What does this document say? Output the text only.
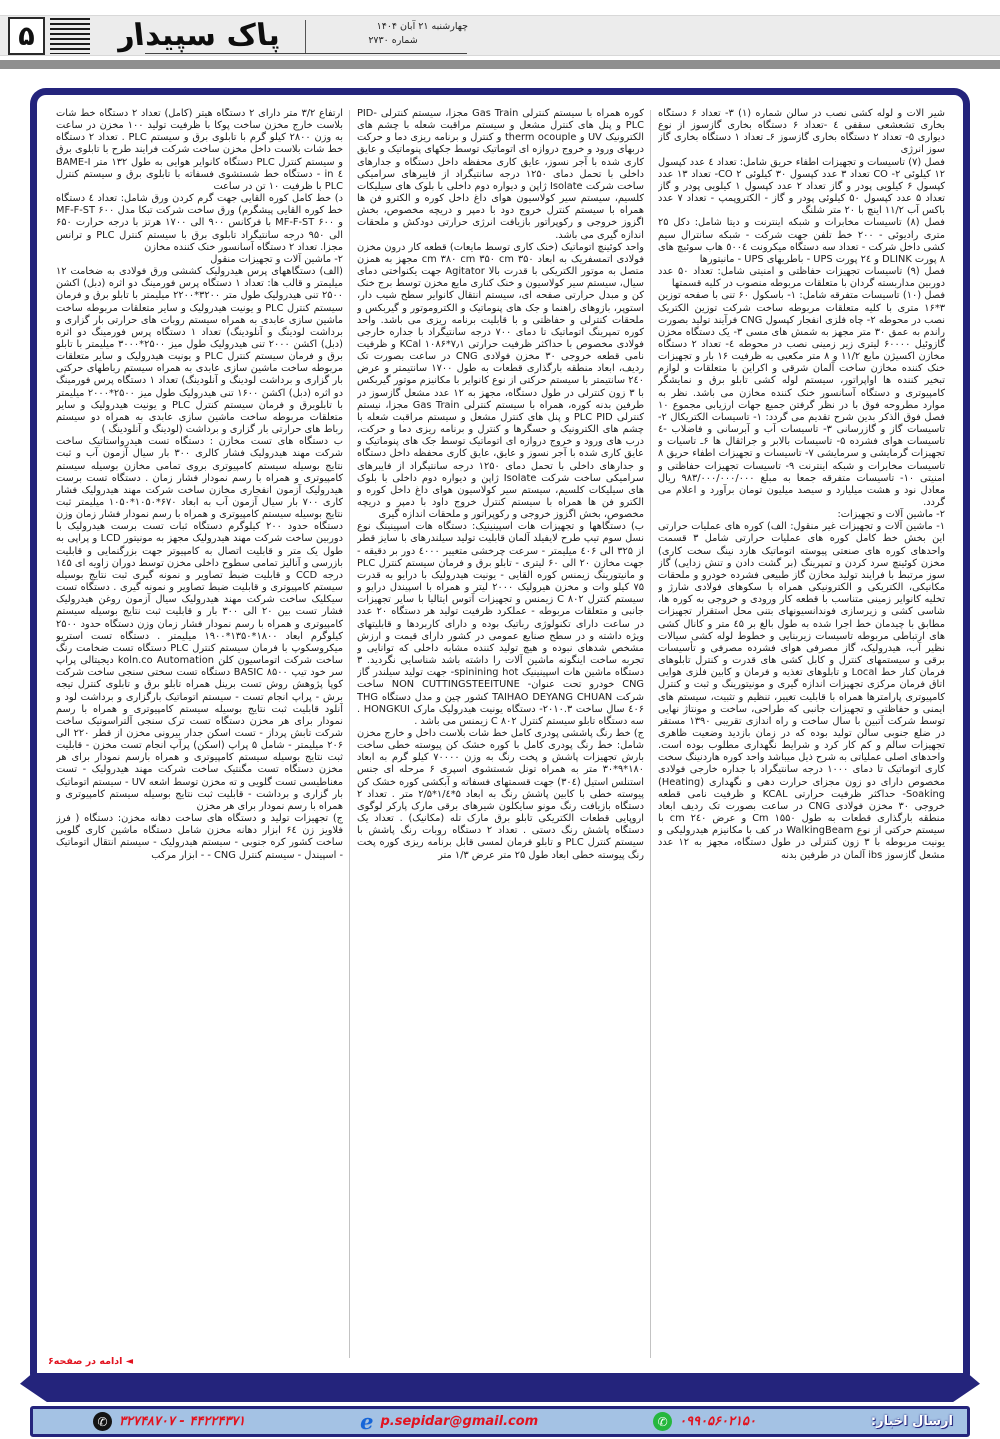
۵	پاک سپیدار	چهارشنبه ۲۱ آبان ۱۴۰۴
شماره ۲۷۳۰

شیر آلات و لوله کشی نصب در سالن شماره (۱) ۳- تعداد ۶ دستگاه بخاری تشعشعی سقفی ٤ -تعداد ۶ دستگاه بخاری گازسوز از نوع دیواری ۵- تعداد ۲ دستگاه بخاری گازسوز ۶ـ تعداد ۱ دستگاه بخاری گاز سوز انرژی

فصل (۷) تاسیسات و تجهیزات اطفاء حریق شامل: تعداد ٤ عدد کپسول ۱۲ کیلوئی ۲- CO تعداد ۳ عدد کپسول ۳۰ کیلوئی ۲ CO- تعداد ۱۳ عدد کپسول ۶ کیلویی پودر و گاز تعداد ۲ عدد کپسول ۱ کیلویی پودر و گاز تعداد ۵ عدد کپسول ۵۰ کیلوئی پودر و گاز - الکتروپمپ - تعداد ۷ عدد باکس آب ۱۱/۲ اینچ با ۲۰ متر شلنگ

فصل (۸) تاسیسات مخابرات و شبکه اینترنت و دیتا شامل: دکل ۲۵ متری رادیوئی - ۲۰۰ خط تلفن جهت شرکت - شبکه سانترال سیم کشی داخل شرکت - تعداد سه دستگاه میکرونت ٥٠٠٤ هاب سوئیچ های ۸ پورت DLINK و ۲٤ پورت UPS - باطریهای UPS - مانیتورها

فصل (۹) تاسیسات تجهیزات حفاظتی و امنیتی شامل: تعداد ۵۰ عدد دوربین مداربسته گردان با متعلقات مربوطه منصوب در کلیه قسمتها

فصل (۱۰) تاسیسات متفرقه شامل: ۱- باسکول ۶۰ تنی با صفحه توزین ۳*۱۶ متری با کلیه متعلقات مربوطه ساخت شرکت توزین الکتریک نصب در محوطه ۲- چاه فلزی انفجار کپسول CNG فرآیند تولید بصورت راندم به عمق ۳۰ متر مجهز به شمش های مسی ۳- یک دستگاه مخزن گازوئیل ۶۰۰۰۰ لیتری زیر زمینی نصب در محوطه ٤- تعداد ۲ دستگاه مخازن اکسیژن مایع ۱۱/۲ و ۸ متر مکعبی به ظرفیت ۱۶ بار و تجهیزات خنک کننده مخازن ساخت آلمان شرقی و اکراین با متعلقات و لوازم تبخیر کننده ها اواپراتور، سیستم لوله کشی تابلو برق و نمایشگر کامپیوتری و دستگاه آسانسور خنک کننده مخازن می باشد. نظر به موارد مطروحه فوق با در نظر گرفتن جمیع جهات ارزیابی مجموع ۱۰ فصل فوق الذکر بدین شرح تقدیم می گردد: ۱- تاسیسات الکتریکال ۲- تاسیسات گاز و گازرسانی ۳- تاسیسات آب و آبرسانی و فاضلاب -٤ تاسیسات هوای فشرده ۵- تاسیسات بالابر و جراثقال ها ۶ـ تاسیات و تجهیزات گرمایشی و سرمایشی ۷- تاسیسات و تجهیزات اطفاء حریق ۸ تاسیسات مخابرات و شبکه اینترنت ۹- تاسیسات تجهیزات حفاظتی و امنیتی ۱۰- تاسیسات متفرقه جمعا به مبلغ ۹۸۳/۰۰۰/۰۰۰/۰۰۰ ریال معادل نود و هشت میلیارد و سیصد میلیون تومان برآورد و اعلام می گردد.

۲- ماشین آلات و تجهیزات:

۱- ماشین آلات و تجهیزات غیر منقول: الف) کوره های عملیات حرارتی این بخش خط کامل کوره های عملیات حرارتی شامل ۳ قسمت واحدهای کوره های صنعتی پیوسته اتوماتیک هارد نینگ سخت کاری) مخزن کوئینچ سرد کردن و تمپرینگ (بر گشت دادن و تنش زدایی) گاز سوز مرتبط با فرایند تولید مخازن گاز طبیعی فشرده خودرو و ملحقات مکانیکی، الکتریکی و الکترونیکی همراه با سکوهای فولادی شارژ و تخلیه کانوایر زمینی متناسب با قطعه کار ورودی و خروجی به کوره ها، شاسی کشی و زیرسازی فوندانسیونهای بتنی محل استقرار تجهیزات مطابق با چیدمان خط اجرا شده به طول بالغ بر ٤۵ متر و کانال کشی های ارتباطی مربوطه تاسیسات زیربنایی و خطوط لوله کشی سیالات نظیر آب، هیدرولیک، گاز مصرفی هوای فشرده مصرفی و تأسیسات برقی و سیستمهای کنترل و کابل کشی های قدرت و کنترل تابلوهای فرمان کنار خط Local و تابلوهای تغذیه و فرمان و کابین فلزی هوایی اتاق فرمان مرکزی تجهیزات اندازه گیری و مونیتورینگ و ثبت و کنترل کامپیوتری پارامترها همراه با قابلیت تغییر، تنظیم و تثبیت، سیستم های ایمنی و حفاظتی و تجهیزات جانبی که طراحی، ساخت و مونتاژ نهایی توسط شرکت آتبین با سال ساخت و راه اندازی تقریبی ۱۳۹۰ مستقر در ضلع جنوبی سالن تولید بوده که در زمان بازدید وضعیت ظاهری تجهیزات سالم و کم کار کرد و شرایط نگهداری مطلوب بوده است. واحدهای اصلی عملیاتی به شرح ذیل میباشد واحد کوره هاردنینگ سخت کاری اتوماتیک تا دمای ۱۰۰۰ درجه سانتیگراد با جداره خارجی فولادی مخصوص دارای دو زون مجزای حرارت دهی و نگهداری (Heating) Soaking- حداکثر ظرفیت حرارتی KCAL و ظرفیت نامی قطعه خروجی ۳۰ مخزن فولادی CNG در ساعت بصورت تک ردیف ابعاد منطقه بارگذاری قطعات به طول ۱۵۵۰ Cm و عرض ۲٤۰ cm با سیستم حرکتی از نوع WalkingBeam در کف با مکانیزم هیدرولیکی و یونیت مربوطه با ۳ زون کنترلی در طول دستگاه، مجهز به ۱۲ عدد مشعل گازسوز ibs آلمان در طرفین بدنه

کوره همراه با سیستم کنترلی Gas Train مجزا، سیستم کنترلی PID-PLC و پنل های کنترل مشعل و سیستم مراقبت شعله با چشم های الکترونیک UV و therm ocouple و کنترل و برنامه ریزی دما و حرکت دربهای ورود و خروج دروازه ای اتوماتیک توسط جکهای پنوماتیک و عایق کاری شده با آجر نسوز، عایق کاری محفظه داخل دستگاه و جدارهای داخلی با تحمل دمای ۱۲۵۰ درجه سانتیگراد از فایبرهای سرامیکی ساخت شرکت Isolate ژاپن و دیواره دوم داخلی با بلوک های سیلیکات کلسیم، سیستم سیر کولاسیون هوای داغ داخل کوره و الکترو فن ها همراه با سیستم کنترل خروج دود با دمپر و دریچه مخصوص، بخش اگزوز خروجی و رکوپراتور بازیافت انرژی حرارتی دودکش و ملحقات اندازه گیری می باشد.

واحد کوئینچ اتوماتیک (خنک کاری توسط مایعات) قطعه کار درون مخزن فولادی اتمسفریک به ابعاد cm ۳۸۰ cm ۳۵۰ cm ۳۵۰ مجهز به همزن متصل به موتور الکتریکی با قدرت بالا Agitator جهت یکنواختی دمای سیال، سیستم سیر کولاسیون و خنک کناری مایع مخزن توسط برج خنک کن و مبدل حرارتی صفحه ای، سیستم انتقال کانوایر سطح شیب دار، استوپر، بازوهای راهنما و جک های پنوماتیک و الکتروموتور و گیربکس و ملحقات کنترلی و حفاظتی و با قابلیت برنامه ریزی می باشد. واحد کوره تمپرینگ اتوماتیک تا دمای ۷۰۰ درجه سانتیگراد با جداره خارجی فولادی مخصوص با حداکثر ظرفیت حرارتی ۷٫۱*۱۰۸۶ KCal و ظرفیت نامی قطعه خروجی ۳۰ مخزن فولادی CNG در ساعت بصورت تک ردیف، ابعاد منطقه بارگذاری قطعات به طول ۱۷۰۰ سانتیمتر و عرض ۲٤۰ سانتیمتر با سیستم حرکتی از نوع کانوایر با مکانیزم موتور گیربکس با ۳ زون کنترلی در طول دستگاه، مجهز به ۱۲ عدد مشعل گازسوز در طرفین بدنه کوره، همراه با سیستم کنترلی Gas Train مجزا، نیستم کنترلی PLC PID و پنل های کنترل مشعل و سیستم مراقبت شعله با چشم های الکترونیک و حسگرها و کنترل و برنامه ریزی دما و حرکت، درب های ورود و خروج دروازه ای اتوماتیک توسط جک های پنوماتیک و عایق کاری شده با آجر نسوز و عایق، عایق کاری محفظه داخل دستگاه و جدارهای داخلی با تحمل دمای ۱۲۵۰ درجه سانتیگراد از فایبرهای سرامیکی ساخت شرکت Isolate ژاپن و دیواره دوم داخلی با بلوک های سیلیکات کلسیم، سیستم سیر کولاسیون هوای داغ داخل کوره و الکترو فن ها همراه با سیستم کنترل خروج داود با دمپر و دریچه مخصوص، بخش اگزوز خروجی و رکوپراتور و ملحقات اندازه گیری

ب) دستگاهها و تجهیزات هات اسپینینیک: دستگاه هات اسپینینگ نوع نسل سوم تیپ طرح لایفیلد آلمان قابلیت تولید سیلندرهای با سایز قطر از ۳۲۵ الی ٤۰۶ میلیمتر - سرعت چرخشی متغییر ٤۰۰۰ دور بر دقیقه - جهت مخازن ۲۰ الی ۶۰ لیتری - تابلو برق و فرمان سیستم کنترل PLC و مانیتورینگ زیمنس کوره القایی - یونیت هیدرولیک با درایو به قدرت ۷۵ کیلو وات و مخزن هیرولیک ۲۰۰۰ لیتر و همراه با اسپیندل درایو و سیستم کنترل ۸۰۲ C زیمنس و تجهیزات آتوس ایتالیا با سایر تجهیزات جانبی و متعلقات مربوطه - عملکرد ظرفیت تولید هر دستگاه ۲۰ عدد در ساعت دارای تکنولوژی رباتیک بوده و دارای کاربردها و قابلیتهای ویژه داشته و در سطح صنایع عمومی در کشور دارای قیمت و ارزش مشخص شدهای نبوده و هیچ تولید کننده مشابه داخلی که توانایی و تجربه ساخت اینگونه ماشین آلات را داشته باشد شناسایی نگردید. ۳ دستگاه ماشین هات اسپینینیک spinining hot- جهت تولید سیلندر گاز CNG خودرو تحت عنوان- NON CUTTINGSTEEITUNE ساخت شرکت TAIHAO DEYANG CHUAN کشور چین و مدل دستگاه THG ٤۰۶ سال ساخت ۲۰۱۰.۳- دستگاه یونیت هیدرولیک مارک HONGKUI . سه دستگاه تابلو سیستم کنترل ۸۰۲ C زیمنس می باشد .

ج) خط رنگ پاششی پودری کامل خط شات بلاست داخل و خارج مخزن شامل: خط رنگ پودری کامل با کوره خشک کن پیوسته خطی ساخت بارش تجهیزات پاشش و پخت رنگ به وزن ۷۰۰۰۰ کیلو گرم به ابعاد ۱۸۰*۹*۳۰ متر به همراه تونل شستشوی اسپری ۶ مرحله ای جنس استنلس استیل (۳۰٤) جهت قسمتهای فسفاته و آبکشی کوره خشک کن پیوسته خطی با کابین پاشش رنگ به ابعاد ۵*۱/٤*۲/۵ متر . تعداد ۲ دستگاه بازیافت رنگ مونو سایکلون شیرهای برقی مارک پارکر لوگوی اروپایی قطعات الکتریکی تابلو برق مارک تله (مکانیک) . تعداد یک دستگاه پاشش رنگ دستی . تعداد ۲ دستگاه روبات رنگ پاشش با سیستم کنترل PLC و تابلو فرمان لمسی قابل برنامه ریزی کوره پخت رنگ پیوسته خطی ابعاد طول ۲۵ متر عرض ۱/۳ متر

ارتفاع ۳/۲ متر دارای ۲ دستگاه هیتر (کامل) تعداد ۲ دستگاه خط شات بلاست خارج مخزن ساخت پوکا با ظرفیت تولید ۱۰۰ مخزن در ساعت به وزن ۲۸۰۰ کیلو گرم با تابلوی برق و سیستم PLC . تعداد ۲ دستگاه خط شات بلاست داخل مخزن ساخت شرکت فرایند طرح با تابلوی برق و سیستم کنترل PLC دستگاه کانوایر هوایی به طول ۱۳۲ متر BAME-I ٤ in - دستگاه خط شستشوی فسفاته با تابلوی برق و سیستم کنترل PLC با ظرفیت ۱۰ تن در ساعت

د) خط کامل کوره القایی جهت گرم کردن ورق شامل: تعداد ٤ دستگاه خط کوره القایی پیشگرم) ورق ساخت شرکت تبکا مدل ۶۰۰ MF-F-ST و MF-F-ST ۶۰۰ با فرکانس ۹۰۰ الی ۱۷۰۰ هرتز با درجه حرارت ۶۵۰ الی ۹۵۰ درجه سانتیگراد تابلوی برق با سیستم کنترل PLC و ترانس مجزا. تعداد ۲ دستگاه آسانسور خنک کننده مخازن

۲- ماشین آلات و تجهیزات منقول

(الف) دستگاههای پرس هیدرولیک کششی ورق فولادی به ضخامت ۱۲ میلیمتر و قالب ها: تعداد ۱ دستگاه پرس فورمینگ دو اثره (دبل) اکشن ۲۵۰۰ تنی هیدرولیک طول متر ۳۲۰۰*۲۲۰۰ میلیمتر با تابلو برق و فرمان سیستم کنترل PLC و یونیت هیدرولیک و سایر متعلقات مربوطه ساخت ماشین سازی عابدی به همراه سیستم روبات های حرارتی بار گزاری و برداشت لودینگ و آنلودینگ) تعداد ۱ دستگاه پرس فورمینگ دو اثره (دبل) اکشن ۲۰۰۰ تنی هیدرولیک طول میز ۲۵۰۰*۳۰۰۰ میلیمتر با تابلو برق و فرمان سیستم کنترل PLC و یونیت هیدرولیک و سایر متعلقات مربوطه ساخت ماشین سازی عابدی به همراه سیستم رباطهای حرکتی بار گزاری و برداشت لودینگ و آنلودینگ) تعداد ۱ دستگاه پرس فورمینگ دو اثره (دبل) اکشن ۱۶۰۰ تنی هیدرولیک طول میز ۲۵۰۰*۲۰۰۰ میلیمتر با تابلوبرق و فرمان سیستم کنترل PLC و یونیت هیدرولیک و سایر متعلقات مربوطه ساخت ماشین سازی عابدی به همراه دو سیستم رباط های حرارتی بار گزاری و برداشت (لودینگ و آنلودینگ )

ب دستگاه های تست مخازن : دستگاه تست هیدرواستاتیک ساخت شرکت مهند هیدرولیک فشار کالری ۳۰۰ بار سیال آزمون آب و ثبت نتایج بوسیله سیستم کامپیوتری بروی تمامی مخازن بوسیله سیستم کامپیوتری و همراه با رسم نمودار فشار زمان . دستگاه تست برست هیدرولیک آزمون انفجاری مخازن ساخت شرکت مهند هیدرولیک فشار کاری ۷۰۰ بار سیال آزمون آب به ابعاد ۶۷۰*۱۰۵۰*۱۰۵۰ میلیمتر ثبت نتایج بوسیله سیستم کامپیوتری و همراه با رسم نمودار فشار زمان وزن دستگاه حدود ۲۰۰ کیلوگرم دستگاه ثبات تست برست هیدرولیک با دوربین ساخت شرکت مهند هیدرولیک مجهز به مونیتور LCD و پراپی به طول یک متر و قابلیت اتصال به کامپیوتر جهت بزرگنمایی و قابلیت بازرسی و آنالیز تمامی سطوح داخلی مخزن توسط دوران زاویه ای ۱٤۵ درجه CCD و قابلیت ضبط تصاویر و نمونه گیری ثبت نتایج بوسیله سیستم کامپیوتری و قابلیت ضبط تصاویر و نمونه گیری . دستگاه تست سیکلیک ساخت شرکت مهند هیدرولیک سیال آزمون روغن هیدرولیک فشار تست بین ۲۰ الی ۳۰۰ بار و قابلیت ثبت نتایج بوسیله سیستم کامپیوتری و همراه با رسم نمودار فشار زمان وزن دستگاه حدود ۲۵۰۰ کیلوگرم ابعاد ۱۸۰۰*۱۳۵۰*۱۹۰۰ میلیمتر . دستگاه تست استریو میکروسکوپ با فرمان سیستم کنترل PLC دستگاه تست ضخامت رنگ ساخت شرکت اتوماسیون کلن koln.co Automation دیجیتالی پراپ سر خود تیپ ۸۵۰۰ BASIC دستگاه تست سختی سنجی ساخت شرکت کوپا پژوهش روش تست برینل همراه تابلو برق و تابلوی کنترل تیجه برش - پراپ انجام تست - سیستم اتوماتیک بارگزاری و برداشت لود و آنلود قابلیت ثبت نتایج بوسیله سیستم کامپیوتری و همراه با رسم نمودار برای هر مخزن دستگاه تست ترک سنجی آلتراسونیک ساخت شرکت تابش پرداز - تست اسکن جدار بیرونی مخزن از قطر ۲۲۰ الی ۲۰۶ میلیمتر - شامل ۵ پراپ (اسکن) پرآپ انجام تست مخزن - قابلیت ثبت نتایج بوسیله سیستم کامپیوتری و همراه بارسم نمودار برای هر مخزن دستگاه تست مگنتیک ساخت شرکت مهند هیدرولیک - تست مغناطیسی تست گلویی و ته مخزن توسط اشعه UV - سیستم اتوماتیک بار گزاری و برداشت - قابلیت ثبت نتایج بوسیله سیستم کامپیوتری و همراه با رسم نمودار برای هر مخزن

ج) تجهیزات تولید و دستگاه های ساخت دهانه مخزن: دستگاه ( فرز فلاویز زن ۶٤ ابزار دهانه مخزن شامل دستگاه ماشین کاری گلویی ساخت کشور کره جنوبی - سیستم هیدرولیک - سیستم انتقال اتوماتیک - اسپیندل - سیستم کنترل CNG - - ابزار مرکب

◄ ادامه در صفحه۶
ارسال اخبار:
✆ ۰۹۹۰۵۶۰۲۱۵۰
e p.sepidar@gmail.com
✆ ۳۲۷۴۸۷۰۷ - ۴۴۲۲۴۳۷۱
